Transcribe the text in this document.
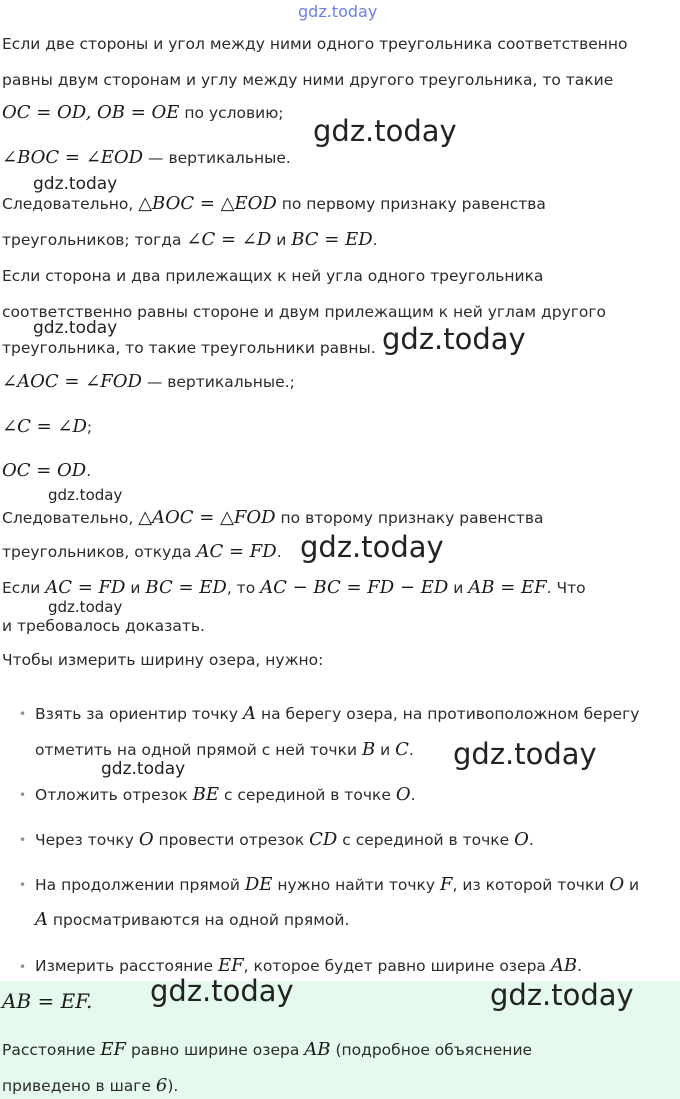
gdz.today
gdz.today
gdz.today
gdz.today	gdz.today
gdz.today
gdz.today
gdz.today
gdz.today
gdz.today
gdz.today	gdz.today
Если две стороны и угол между ними одного треугольника соответственно
равны двум сторонам и углу между ними другого треугольника, то такие
OC = OD, OB = OE по условию;
∠BOC = ∠EOD — вертикальные.
Следовательно, △BOC = △EOD по первому признаку равенства
треугольников; тогда ∠C = ∠D и BC = ED.
Если сторона и два прилежащих к ней угла одного треугольника
соответственно равны стороне и двум прилежащим к ней углам другого
треугольника, то такие треугольники равны.
∠AOC = ∠FOD — вертикальные.;
∠C = ∠D;
OC = OD.
Следовательно, △AOC = △FOD по второму признаку равенства
треугольников, откуда AC = FD.
Если AC = FD и BC = ED, то AC − BC = FD − ED и AB = EF. Что
и требовалось доказать.
Чтобы измерить ширину озера, нужно:
• Взять за ориентир точку A на берегу озера, на противоположном берегу
отметить на одной прямой с ней точки B и C.
• Отложить отрезок BE с серединой в точке O.
• Через точку O провести отрезок CD с серединой в точке O.
• На продолжении прямой DE нужно найти точку F, из которой точки O и
A просматриваются на одной прямой.
• Измерить расстояние EF, которое будет равно ширине озера AB.
AB = EF.
Расстояние EF равно ширине озера AB (подробное объяснение
приведено в шаге 6).
